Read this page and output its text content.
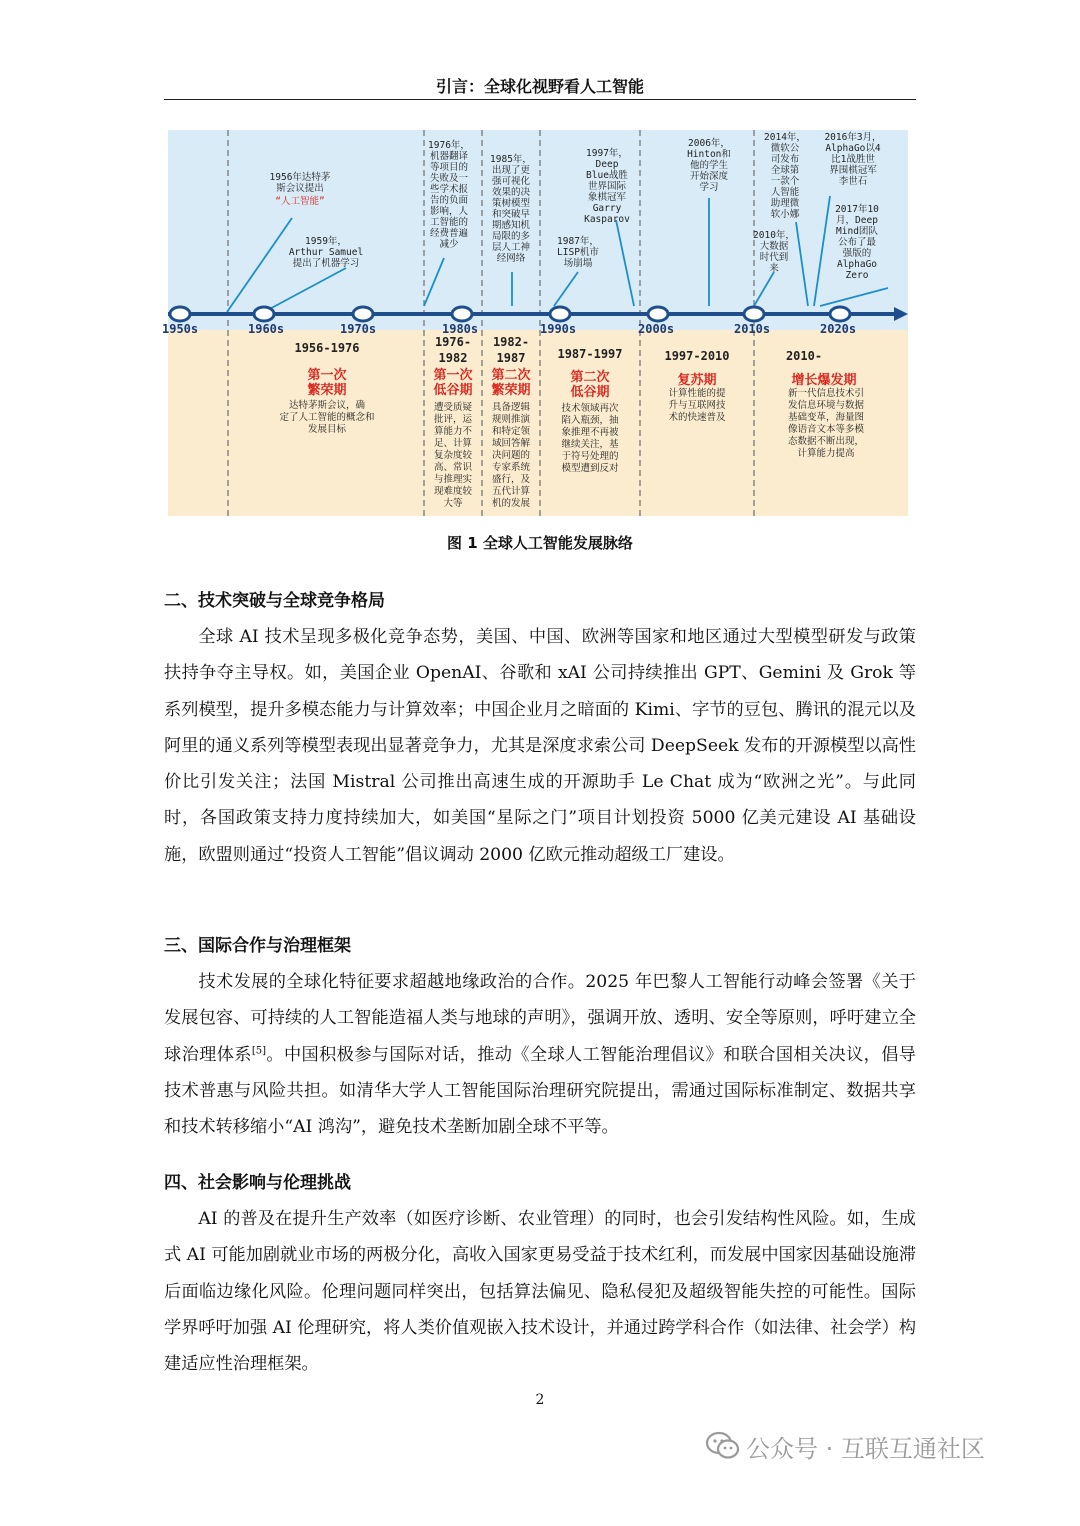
引言：全球化视野看人工智能
1956年达特茅
斯会议提出
“人工智能”
1959年，
Arthur Samuel
提出了机器学习
1976年，
机器翻译
等项目的
失败及一
些学术报
告的负面
影响，人
工智能的
经费普遍
减少
1985年，
出现了更
强可视化
效果的决
策树模型
和突破早
期感知机
局限的多
层人工神
经网络
1987年，
LISP机市
场崩塌
1997年，
Deep
Blue战胜
世界国际
象棋冠军
Garry
Kasparov
2006年，
Hinton和
他的学生
开始深度
学习
2010年，
大数据
时代到
来
2014年，
微软公
司发布
全球第
一款个
人智能
助理微
软小娜
2016年3月，
AlphaGo以4
比1战胜世
界围棋冠军
李世石
2017年10
月，Deep
Mind团队
公布了最
强版的
AlphaGo
Zero
1950s	1960s	1970s	1980s	1990s	2000s	2010s	2020s
1956-1976
第一次
繁荣期
达特茅斯会议，确
定了人工智能的概念和
发展目标
1976-
1982
第一次
低谷期
遭受质疑
批评，运
算能力不
足、计算
复杂度较
高、常识
与推理实
现难度较
大等
1982-
1987
第二次
繁荣期
具备逻辑
规则推演
和特定领
域回答解
决问题的
专家系统
盛行，及
五代计算
机的发展
1987-1997
第二次
低谷期
技术领域再次
陷入瓶颈，抽
象推理不再被
继续关注，基
于符号处理的
模型遭到反对
1997-2010
复苏期
计算性能的提
升与互联网技
术的快速普及
2010-
增长爆发期
新一代信息技术引
发信息环境与数据
基础变革，海量图
像语音文本等多模
态数据不断出现，
计算能力提高
图 1 全球人工智能发展脉络
二、技术突破与全球竞争格局

全球 AI 技术呈现多极化竞争态势，美国、中国、欧洲等国家和地区通过大型模型研发与政策扶持争夺主导权。如，美国企业 OpenAI、谷歌和 xAI 公司持续推出 GPT、Gemini 及 Grok 等系列模型，提升多模态能力与计算效率；中国企业月之暗面的 Kimi、字节的豆包、腾讯的混元以及阿里的通义系列等模型表现出显著竞争力，尤其是深度求索公司 DeepSeek 发布的开源模型以高性价比引发关注；法国 Mistral 公司推出高速生成的开源助手 Le Chat 成为“欧洲之光”。与此同时，各国政策支持力度持续加大，如美国“星际之门”项目计划投资 5000 亿美元建设 AI 基础设施，欧盟则通过“投资人工智能”倡议调动 2000 亿欧元推动超级工厂建设。

三、国际合作与治理框架

技术发展的全球化特征要求超越地缘政治的合作。2025 年巴黎人工智能行动峰会签署《关于发展包容、可持续的人工智能造福人类与地球的声明》，强调开放、透明、安全等原则，呼吁建立全球治理体系[5]。中国积极参与国际对话，推动《全球人工智能治理倡议》和联合国相关决议，倡导技术普惠与风险共担。如清华大学人工智能国际治理研究院提出，需通过国际标准制定、数据共享和技术转移缩小“AI 鸿沟”，避免技术垄断加剧全球不平等。

四、社会影响与伦理挑战

AI 的普及在提升生产效率（如医疗诊断、农业管理）的同时，也会引发结构性风险。如，生成式 AI 可能加剧就业市场的两极分化，高收入国家更易受益于技术红利，而发展中国家因基础设施滞后面临边缘化风险。伦理问题同样突出，包括算法偏见、隐私侵犯及超级智能失控的可能性。国际学界呼吁加强 AI 伦理研究，将人类价值观嵌入技术设计，并通过跨学科合作（如法律、社会学）构建适应性治理框架。

2
公众号 · 互联互通社区
